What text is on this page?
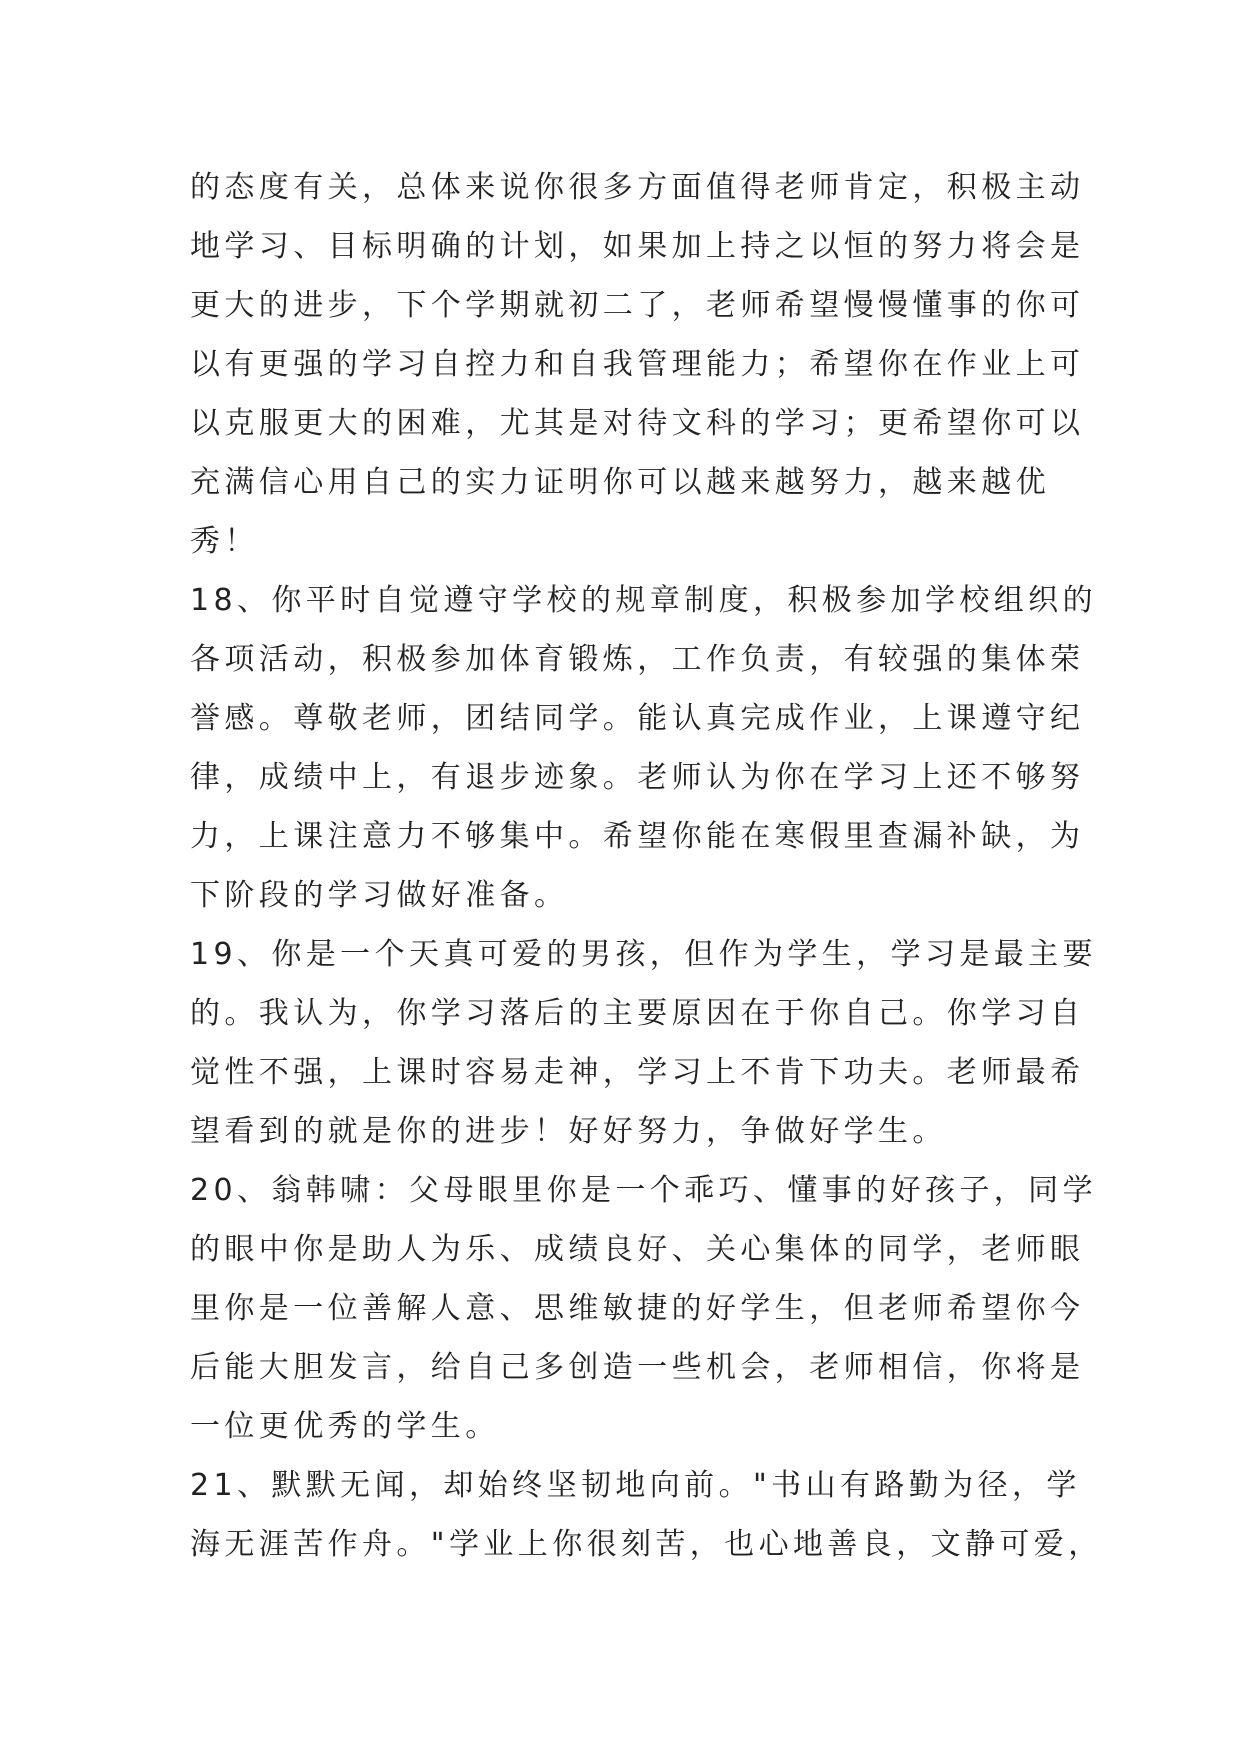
的态度有关，总体来说你很多方面值得老师肯定，积极主动
地学习、目标明确的计划，如果加上持之以恒的努力将会是
更大的进步，下个学期就初二了，老师希望慢慢懂事的你可
以有更强的学习自控力和自我管理能力；希望你在作业上可
以克服更大的困难，尤其是对待文科的学习；更希望你可以
充满信心用自己的实力证明你可以越来越努力，越来越优
秀！
18、你平时自觉遵守学校的规章制度，积极参加学校组织的
各项活动，积极参加体育锻炼，工作负责，有较强的集体荣
誉感。尊敬老师，团结同学。能认真完成作业，上课遵守纪
律，成绩中上，有退步迹象。老师认为你在学习上还不够努
力，上课注意力不够集中。希望你能在寒假里查漏补缺，为
下阶段的学习做好准备。
19、你是一个天真可爱的男孩，但作为学生，学习是最主要
的。我认为，你学习落后的主要原因在于你自己。你学习自
觉性不强，上课时容易走神，学习上不肯下功夫。老师最希
望看到的就是你的进步！好好努力，争做好学生。
20、翁韩啸：父母眼里你是一个乖巧、懂事的好孩子，同学
的眼中你是助人为乐、成绩良好、关心集体的同学，老师眼
里你是一位善解人意、思维敏捷的好学生，但老师希望你今
后能大胆发言，给自己多创造一些机会，老师相信，你将是
一位更优秀的学生。
21、默默无闻，却始终坚韧地向前。"书山有路勤为径，学
海无涯苦作舟。"学业上你很刻苦，也心地善良，文静可爱，
